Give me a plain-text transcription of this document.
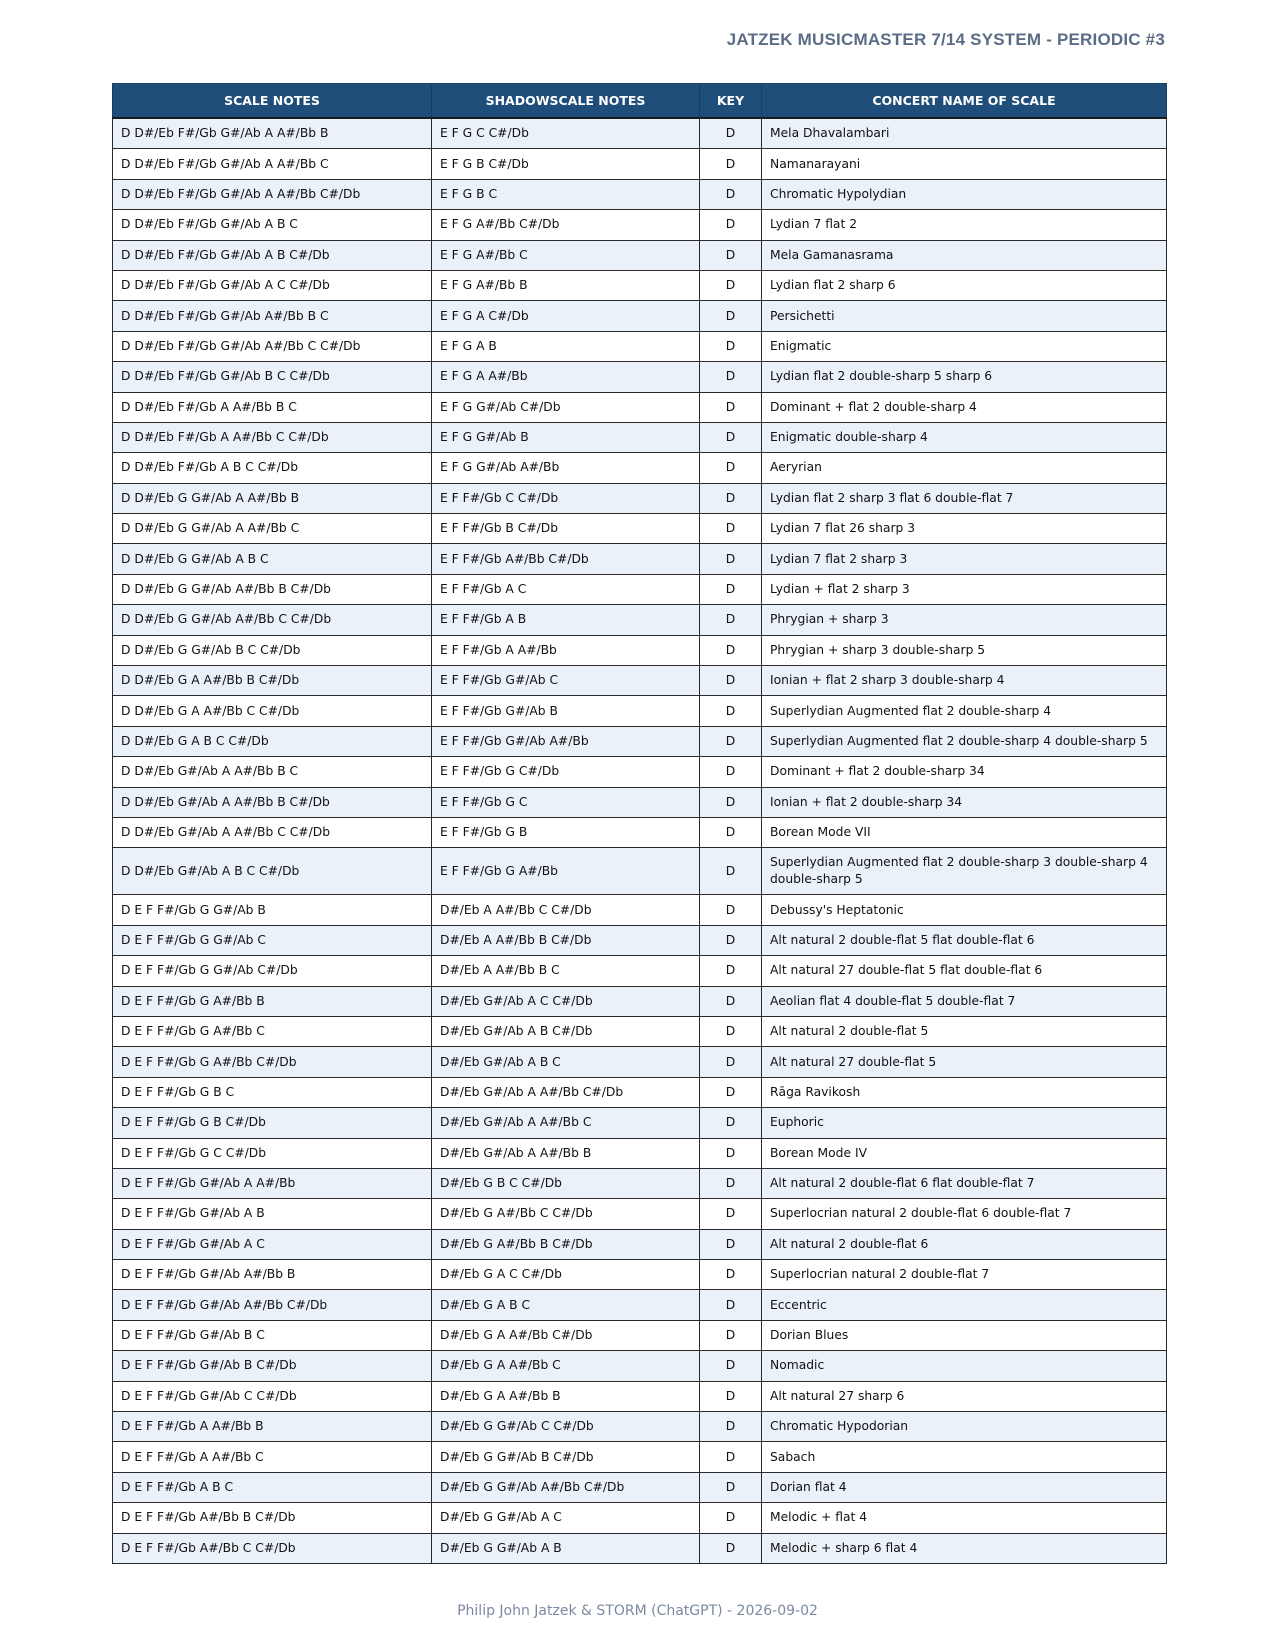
JATZEK MUSICMASTER 7/14 SYSTEM - PERIODIC #3
SCALE NOTES	SHADOWSCALE NOTES	KEY	CONCERT NAME OF SCALE
D D#/Eb F#/Gb G#/Ab A A#/Bb B	E F G C C#/Db	D	Mela Dhavalambari
D D#/Eb F#/Gb G#/Ab A A#/Bb C	E F G B C#/Db	D	Namanarayani
D D#/Eb F#/Gb G#/Ab A A#/Bb C#/Db	E F G B C	D	Chromatic Hypolydian
D D#/Eb F#/Gb G#/Ab A B C	E F G A#/Bb C#/Db	D	Lydian 7 flat 2
D D#/Eb F#/Gb G#/Ab A B C#/Db	E F G A#/Bb C	D	Mela Gamanasrama
D D#/Eb F#/Gb G#/Ab A C C#/Db	E F G A#/Bb B	D	Lydian flat 2 sharp 6
D D#/Eb F#/Gb G#/Ab A#/Bb B C	E F G A C#/Db	D	Persichetti
D D#/Eb F#/Gb G#/Ab A#/Bb C C#/Db	E F G A B	D	Enigmatic
D D#/Eb F#/Gb G#/Ab B C C#/Db	E F G A A#/Bb	D	Lydian flat 2 double-sharp 5 sharp 6
D D#/Eb F#/Gb A A#/Bb B C	E F G G#/Ab C#/Db	D	Dominant + flat 2 double-sharp 4
D D#/Eb F#/Gb A A#/Bb C C#/Db	E F G G#/Ab B	D	Enigmatic double-sharp 4
D D#/Eb F#/Gb A B C C#/Db	E F G G#/Ab A#/Bb	D	Aeryrian
D D#/Eb G G#/Ab A A#/Bb B	E F F#/Gb C C#/Db	D	Lydian flat 2 sharp 3 flat 6 double-flat 7
D D#/Eb G G#/Ab A A#/Bb C	E F F#/Gb B C#/Db	D	Lydian 7 flat 26 sharp 3
D D#/Eb G G#/Ab A B C	E F F#/Gb A#/Bb C#/Db	D	Lydian 7 flat 2 sharp 3
D D#/Eb G G#/Ab A#/Bb B C#/Db	E F F#/Gb A C	D	Lydian + flat 2 sharp 3
D D#/Eb G G#/Ab A#/Bb C C#/Db	E F F#/Gb A B	D	Phrygian + sharp 3
D D#/Eb G G#/Ab B C C#/Db	E F F#/Gb A A#/Bb	D	Phrygian + sharp 3 double-sharp 5
D D#/Eb G A A#/Bb B C#/Db	E F F#/Gb G#/Ab C	D	Ionian + flat 2 sharp 3 double-sharp 4
D D#/Eb G A A#/Bb C C#/Db	E F F#/Gb G#/Ab B	D	Superlydian Augmented flat 2 double-sharp 4
D D#/Eb G A B C C#/Db	E F F#/Gb G#/Ab A#/Bb	D	Superlydian Augmented flat 2 double-sharp 4 double-sharp 5
D D#/Eb G#/Ab A A#/Bb B C	E F F#/Gb G C#/Db	D	Dominant + flat 2 double-sharp 34
D D#/Eb G#/Ab A A#/Bb B C#/Db	E F F#/Gb G C	D	Ionian + flat 2 double-sharp 34
D D#/Eb G#/Ab A A#/Bb C C#/Db	E F F#/Gb G B	D	Borean Mode VII
D D#/Eb G#/Ab A B C C#/Db	E F F#/Gb G A#/Bb	D	Superlydian Augmented flat 2 double-sharp 3 double-sharp 4 double-sharp 5
D E F F#/Gb G G#/Ab B	D#/Eb A A#/Bb C C#/Db	D	Debussy's Heptatonic
D E F F#/Gb G G#/Ab C	D#/Eb A A#/Bb B C#/Db	D	Alt natural 2 double-flat 5 flat double-flat 6
D E F F#/Gb G G#/Ab C#/Db	D#/Eb A A#/Bb B C	D	Alt natural 27 double-flat 5 flat double-flat 6
D E F F#/Gb G A#/Bb B	D#/Eb G#/Ab A C C#/Db	D	Aeolian flat 4 double-flat 5 double-flat 7
D E F F#/Gb G A#/Bb C	D#/Eb G#/Ab A B C#/Db	D	Alt natural 2 double-flat 5
D E F F#/Gb G A#/Bb C#/Db	D#/Eb G#/Ab A B C	D	Alt natural 27 double-flat 5
D E F F#/Gb G B C	D#/Eb G#/Ab A A#/Bb C#/Db	D	Rāga Ravikosh
D E F F#/Gb G B C#/Db	D#/Eb G#/Ab A A#/Bb C	D	Euphoric
D E F F#/Gb G C C#/Db	D#/Eb G#/Ab A A#/Bb B	D	Borean Mode IV
D E F F#/Gb G#/Ab A A#/Bb	D#/Eb G B C C#/Db	D	Alt natural 2 double-flat 6 flat double-flat 7
D E F F#/Gb G#/Ab A B	D#/Eb G A#/Bb C C#/Db	D	Superlocrian natural 2 double-flat 6 double-flat 7
D E F F#/Gb G#/Ab A C	D#/Eb G A#/Bb B C#/Db	D	Alt natural 2 double-flat 6
D E F F#/Gb G#/Ab A#/Bb B	D#/Eb G A C C#/Db	D	Superlocrian natural 2 double-flat 7
D E F F#/Gb G#/Ab A#/Bb C#/Db	D#/Eb G A B C	D	Eccentric
D E F F#/Gb G#/Ab B C	D#/Eb G A A#/Bb C#/Db	D	Dorian Blues
D E F F#/Gb G#/Ab B C#/Db	D#/Eb G A A#/Bb C	D	Nomadic
D E F F#/Gb G#/Ab C C#/Db	D#/Eb G A A#/Bb B	D	Alt natural 27 sharp 6
D E F F#/Gb A A#/Bb B	D#/Eb G G#/Ab C C#/Db	D	Chromatic Hypodorian
D E F F#/Gb A A#/Bb C	D#/Eb G G#/Ab B C#/Db	D	Sabach
D E F F#/Gb A B C	D#/Eb G G#/Ab A#/Bb C#/Db	D	Dorian flat 4
D E F F#/Gb A#/Bb B C#/Db	D#/Eb G G#/Ab A C	D	Melodic + flat 4
D E F F#/Gb A#/Bb C C#/Db	D#/Eb G G#/Ab A B	D	Melodic + sharp 6 flat 4
Philip John Jatzek & STORM (ChatGPT) - 2026-09-02
